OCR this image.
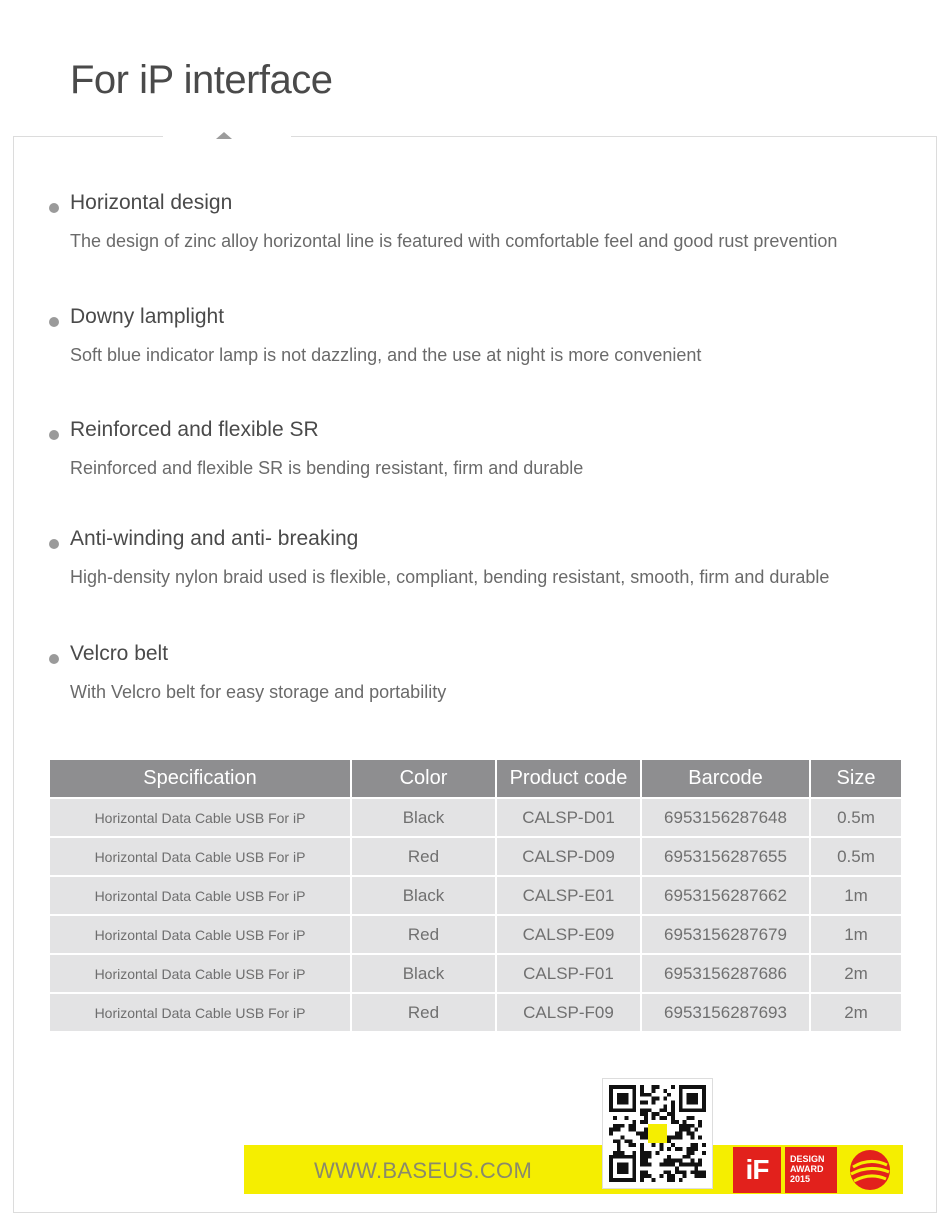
For iP interface
Horizontal design
The design of zinc alloy horizontal line is featured with comfortable feel and good rust prevention
Downy lamplight
Soft blue indicator lamp is not dazzling, and the use at night is more convenient
Reinforced and flexible SR
Reinforced and flexible SR is bending resistant, firm and durable
Anti-winding and anti- breaking
High-density nylon braid used is flexible, compliant, bending resistant, smooth, firm and durable
Velcro belt
With Velcro belt for easy storage and portability
Specification	Color	Product code	Barcode	Size
Horizontal Data Cable USB For iP	Black	CALSP-D01	6953156287648	0.5m
Horizontal Data Cable USB For iP	Red	CALSP-D09	6953156287655	0.5m
Horizontal Data Cable USB For iP	Black	CALSP-E01	6953156287662	1m
Horizontal Data Cable USB For iP	Red	CALSP-E09	6953156287679	1m
Horizontal Data Cable USB For iP	Black	CALSP-F01	6953156287686	2m
Horizontal Data Cable USB For iP	Red	CALSP-F09	6953156287693	2m
WWW.BASEUS.COM	iF	DESIGN
AWARD
2015
